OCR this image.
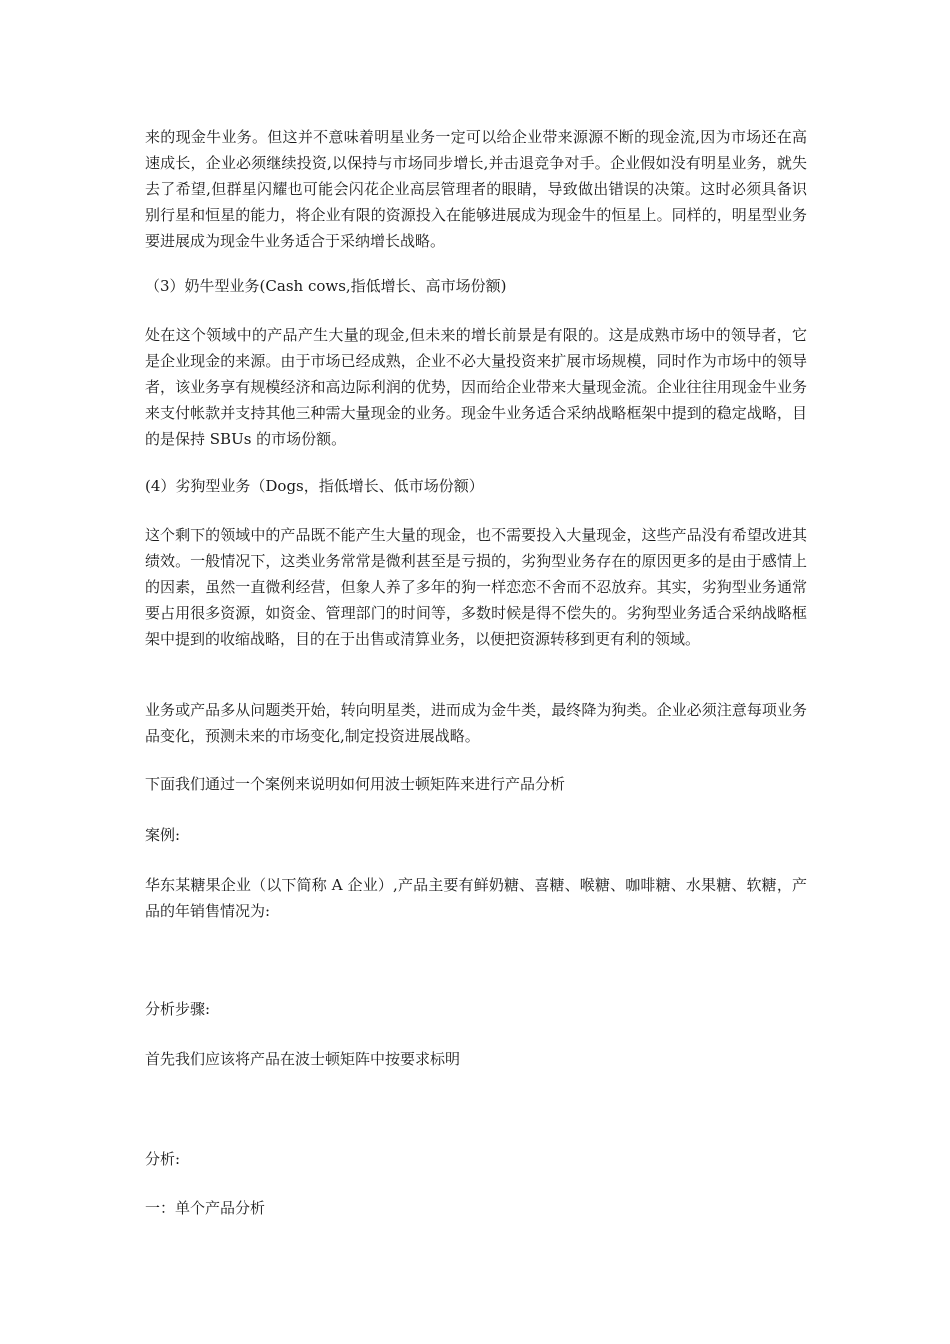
来的现金牛业务。但这并不意味着明星业务一定可以给企业带来源源不断的现金流,因为市场还在高速成长，企业必须继续投资,以保持与市场同步增长,并击退竞争对手。企业假如没有明星业务，就失去了希望,但群星闪耀也可能会闪花企业高层管理者的眼睛，导致做出错误的决策。这时必须具备识别行星和恒星的能力，将企业有限的资源投入在能够进展成为现金牛的恒星上。同样的，明星型业务要进展成为现金牛业务适合于采纳增长战略。

（3）奶牛型业务(Cash cows,指低增长、高市场份额)

处在这个领域中的产品产生大量的现金,但未来的增长前景是有限的。这是成熟市场中的领导者，它是企业现金的来源。由于市场已经成熟，企业不必大量投资来扩展市场规模，同时作为市场中的领导者，该业务享有规模经济和高边际利润的优势，因而给企业带来大量现金流。企业往往用现金牛业务来支付帐款并支持其他三种需大量现金的业务。现金牛业务适合采纳战略框架中提到的稳定战略，目的是保持 SBUs 的市场份额。

(4）劣狗型业务（Dogs，指低增长、低市场份额）

这个剩下的领域中的产品既不能产生大量的现金，也不需要投入大量现金，这些产品没有希望改进其绩效。一般情况下，这类业务常常是微利甚至是亏损的，劣狗型业务存在的原因更多的是由于感情上的因素，虽然一直微利经营，但象人养了多年的狗一样恋恋不舍而不忍放弃。其实，劣狗型业务通常要占用很多资源，如资金、管理部门的时间等，多数时候是得不偿失的。劣狗型业务适合采纳战略框架中提到的收缩战略，目的在于出售或清算业务，以便把资源转移到更有利的领域。

业务或产品多从问题类开始，转向明星类，进而成为金牛类，最终降为狗类。企业必须注意每项业务品变化，预测未来的市场变化,制定投资进展战略。

下面我们通过一个案例来说明如何用波士顿矩阵来进行产品分析

案例:

华东某糖果企业（以下简称 A 企业）,产品主要有鲜奶糖、喜糖、喉糖、咖啡糖、水果糖、软糖，产品的年销售情况为:

分析步骤:

首先我们应该将产品在波士顿矩阵中按要求标明

分析:

一：单个产品分析
